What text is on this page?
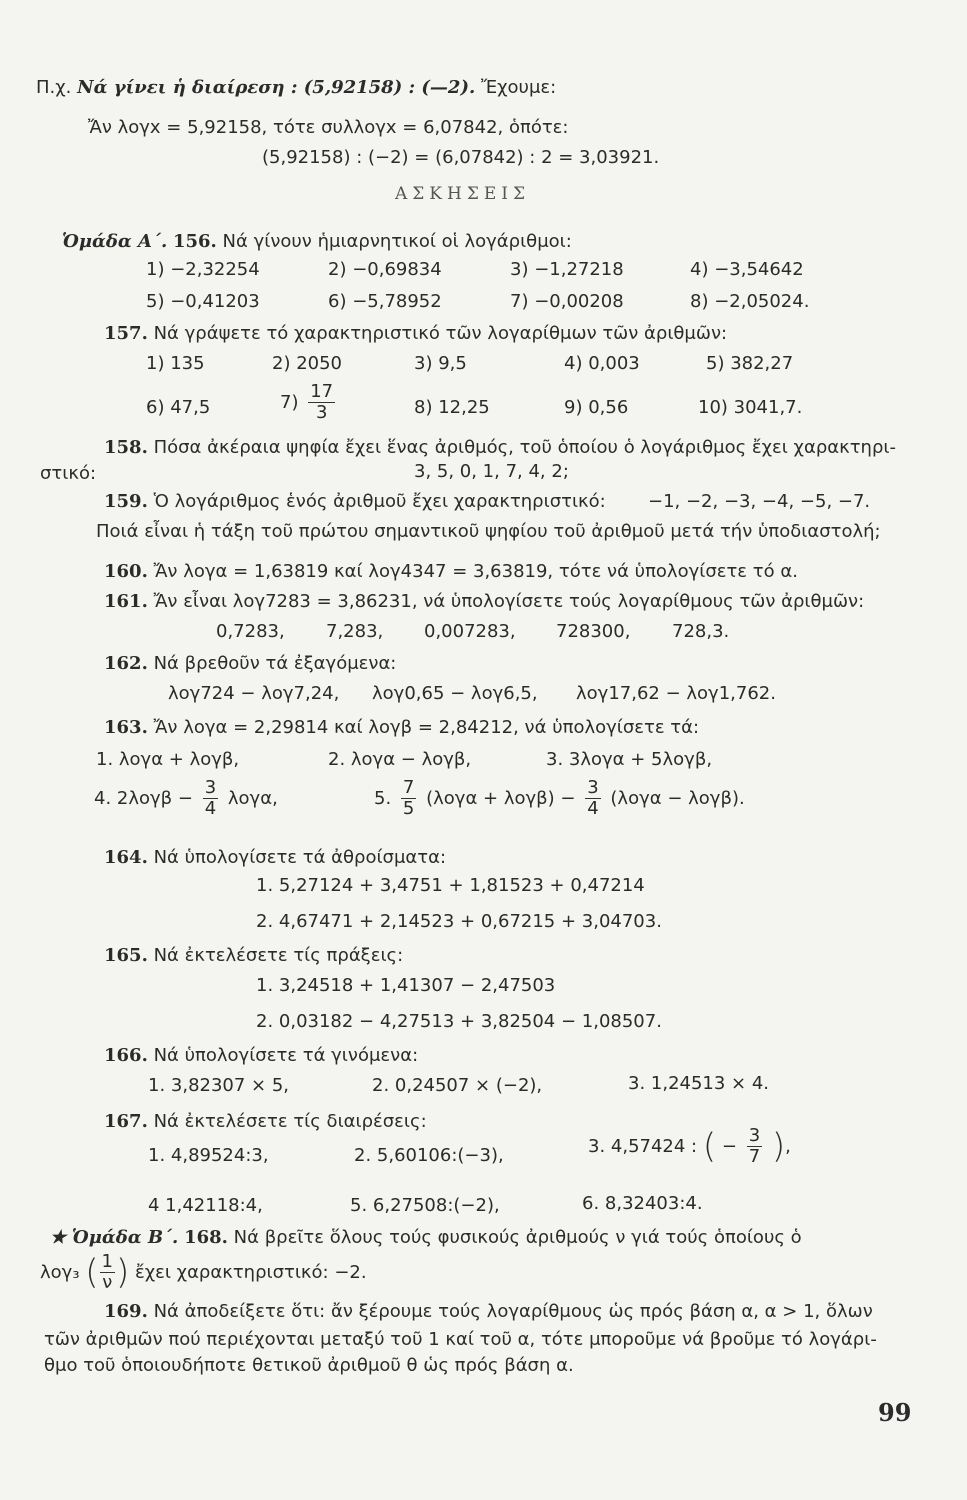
Π.χ. Νά γίνει ἡ διαίρεση : (5,92158) : (—2). Ἔχουμε:
Ἄν λογx = 5,92158, τότε συλλογx = 6,07842, ὁπότε:
(5,92158) : (−2) = (6,07842) : 2 = 3,03921.
ΑΣΚΗΣΕΙΣ
Ὁμάδα Α΄. 156. Νά γίνουν ἡμιαρνητικοί οἱ λογάριθμοι:
1) −2,32254	2) −0,69834	3) −1,27218	4) −3,54642
5) −0,41203	6) −5,78952	7) −0,00208	8) −2,05024.
157. Νά γράψετε τό χαρακτηριστικό τῶν λογαρίθμων τῶν ἀριθμῶν:
1) 135	2) 2050	3) 9,5	4) 0,003	5) 382,27
6) 47,5	$7) \frac{17}{3}$	8) 12,25	9) 0,56	10) 3041,7.
158. Πόσα ἀκέραια ψηφία ἔχει ἕνας ἀριθμός, τοῦ ὁποίου ὁ λογάριθμος ἔχει χαρακτηρι-
στικό:	3, 5, 0, 1, 7, 4, 2;
159. Ὁ λογάριθμος ἑνός ἀριθμοῦ ἔχει χαρακτηριστικό: −1, −2, −3, −4, −5, −7.
Ποιά εἶναι ἡ τάξη τοῦ πρώτου σημαντικοῦ ψηφίου τοῦ ἀριθμοῦ μετά τήν ὑποδιαστολή;
160. Ἄν λογα = 1,63819 καί λογ4347 = 3,63819, τότε νά ὑπολογίσετε τό α.
161. Ἄν εἶναι λογ7283 = 3,86231, νά ὑπολογίσετε τούς λογαρίθμους τῶν ἀριθμῶν:
0,7283, 7,283, 0,007283, 728300, 728,3.
162. Νά βρεθοῦν τά ἐξαγόμενα:
λογ724 − λογ7,24, λογ0,65 − λογ6,5, λογ17,62 − λογ1,762.
163. Ἄν λογα = 2,29814 καί λογβ = 2,84212, νά ὑπολογίσετε τά:
1. λογα + λογβ,	2. λογα − λογβ,	3. 3λογα + 5λογβ,
4. $2\lambda o\gamma\beta - \frac{3}{4} \lambda o\gamma\alpha$,	5. $\frac{7}{5} (\lambda o\gamma\alpha + \lambda o\gamma\beta) - \frac{3}{4} (\lambda o\gamma\alpha - \lambda o\gamma\beta)$.
164. Νά ὑπολογίσετε τά ἀθροίσματα:
1. 5,27124 + 3,4751 + 1,81523 + 0,47214
2. 4,67471 + 2,14523 + 0,67215 + 3,04703.
165. Νά ἐκτελέσετε τίς πράξεις:
1. 3,24518 + 1,41307 − 2,47503
2. 0,03182 − 4,27513 + 3,82504 − 1,08507.
166. Νά ὑπολογίσετε τά γινόμενα:
1. 3,82307 × 5,	2. 0,24507 × (−2),	3. 1,24513 × 4.
167. Νά ἐκτελέσετε τίς διαιρέσεις:
1. 4,89524:3,	2. 5,60106:(−3),	3. 4,57424 : ( − $\frac{3}{7}$ ),
4 1,42118:4,	5. 6,27508:(−2),	6. 8,32403:4.
★ Ὁμάδα Β΄. 168. Νά βρεῖτε ὅλους τούς φυσικούς ἀριθμούς ν γιά τούς ὁποίους ὁ
λογ₃ ( $\frac{1}{\nu}$ ) ἔχει χαρακτηριστικό: −2.
169. Νά ἀποδείξετε ὅτι: ἄν ξέρουμε τούς λογαρίθμους ὡς πρός βάση α, α > 1, ὅλων
τῶν ἀριθμῶν πού περιέχονται μεταξύ τοῦ 1 καί τοῦ α, τότε μποροῦμε νά βροῦμε τό λογάρι-
θμο τοῦ ὁποιουδήποτε θετικοῦ ἀριθμοῦ θ ὡς πρός βάση α.
99
